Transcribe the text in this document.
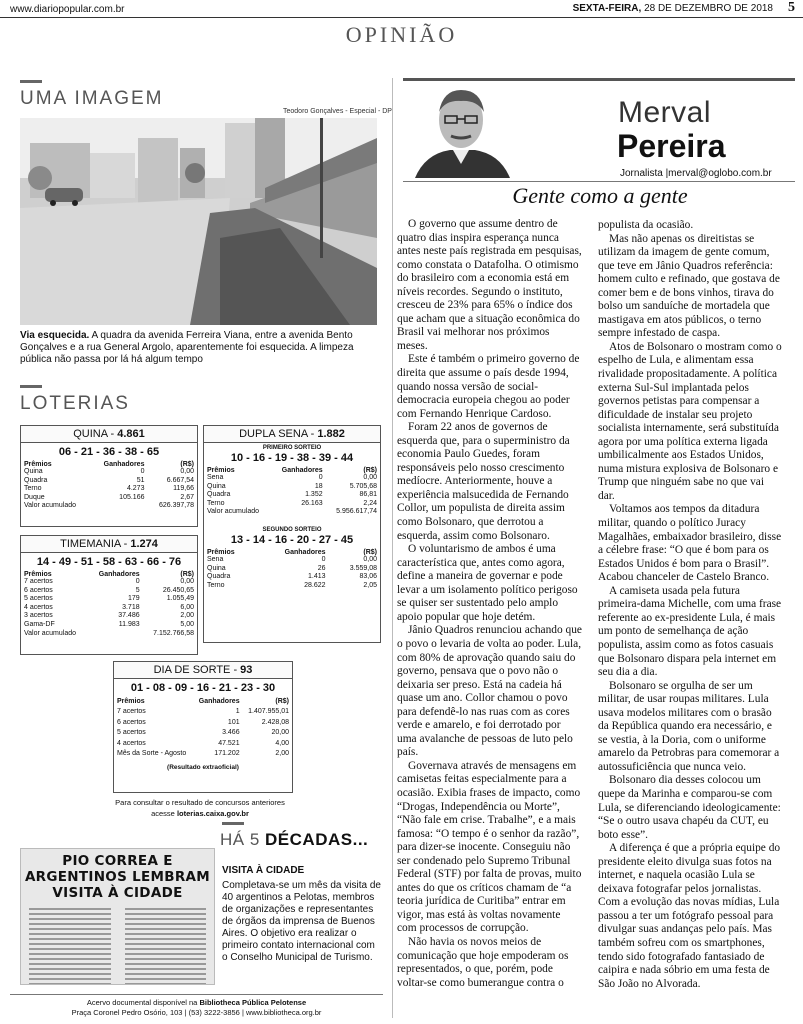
www.diariopopular.com.br	SEXTA-FEIRA, 28 DE DEZEMBRO DE 2018 5
OPINIÃO
UMA IMAGEM
Teodoro Gonçalves - Especial - DP
Via esquecida. A quadra da avenida Ferreira Viana, entre a avenida Bento Gonçalves e a rua General Argolo, aparentemente foi esquecida. A limpeza pública não passa por lá há algum tempo
LOTERIAS
QUINA - 4.861
06 - 21 - 36 - 38 - 65
Prêmios	Ganhadores	(R$)
Quina	0	0,00
Quadra	51	6.667,54
Terno	4.273	119,66
Duque	105.166	2,67
Valor acumulado		626.397,78
TIMEMANIA - 1.274
14 - 49 - 51 - 58 - 63 - 66 - 76
Prêmios	Ganhadores	(R$)
7 acertos	0	0,00
6 acertos	5	26.450,65
5 acertos	179	1.055,49
4 acertos	3.718	6,00
3 acertos	37.486	2,00
Gama-DF	11.983	5,00
Valor acumulado		7.152.766,58
DUPLA SENA - 1.882
PRIMEIRO SORTEIO
10 - 16 - 19 - 38 - 39 - 44
Prêmios	Ganhadores	(R$)
Sena	0	0,00
Quina	18	5.705,68
Quadra	1.352	86,81
Terno	26.163	2,24
Valor acumulado		5.956.617,74
SEGUNDO SORTEIO
13 - 14 - 16 - 20 - 27 - 45
Prêmios	Ganhadores	(R$)
Sena	0	0,00
Quina	26	3.559,08
Quadra	1.413	83,06
Terno	28.622	2,05
DIA DE SORTE - 93
01 - 08 - 09 - 16 - 21 - 23 - 30
Prêmios	Ganhadores	(R$)
7 acertos	1	1.407.955,01
6 acertos	101	2.428,08
5 acertos	3.466	20,00
4 acertos	47.521	4,00
Mês da Sorte - Agosto	171.202	2,00
(Resultado extraoficial)
Para consultar o resultado de concursos anteriores
acesse loterias.caixa.gov.br
HÁ 5 DÉCADAS...
PIO CORREA E ARGENTINOS LEMBRAM VISITA À CIDADE
VISITA À CIDADE
Completava-se um mês da visita de 40 argentinos a Pelotas, membros de organizações e representantes de órgãos da imprensa de Buenos Aires. O objetivo era realizar o primeiro contato internacional com o Conselho Municipal de Turismo.
Acervo documental disponível na Bibliotheca Pública Pelotense
Praça Coronel Pedro Osório, 103 | (53) 3222-3856 | www.bibliotheca.org.br
Merval
Pereira
Jornalista |merval@oglobo.com.br
Gente como a gente

O governo que assume dentro de quatro dias inspira esperança nunca antes neste país registrada em pesquisas, como constata o Datafolha. O otimismo do brasileiro com a economia está em níveis recordes. Segundo o instituto, cresceu de 23% para 65% o índice dos que acham que a situação econômica do Brasil vai melhorar nos próximos meses.

Este é também o primeiro governo de direita que assume o país desde 1994, quando nossa versão de social-democracia europeia chegou ao poder com Fernando Henrique Cardoso.

Foram 22 anos de governos de esquerda que, para o superministro da economia Paulo Guedes, foram responsáveis pelo nosso crescimento medíocre. Anteriormente, houve a experiência malsucedida de Fernando Collor, um populista de direita assim como Bolsonaro, que derrotou a esquerda, assim como Bolsonaro.

O voluntarismo de ambos é uma característica que, antes como agora, define a maneira de governar e pode levar a um isolamento político perigoso se quiser ser sustentado pelo amplo apoio popular que hoje detém.

Jânio Quadros renunciou achando que o povo o levaria de volta ao poder. Lula, com 80% de aprovação quando saiu do governo, pensava que o povo não o deixaria ser preso. Está na cadeia há quase um ano. Collor chamou o povo para defendê-lo nas ruas com as cores verde e amarelo, e foi derrotado por uma avalanche de pessoas de luto pelo país.

Governava através de mensagens em camisetas feitas especialmente para a ocasião. Exibia frases de impacto, como “Drogas, Independência ou Morte”, “Não fale em crise. Trabalhe”, e a mais famosa: “O tempo é o senhor da razão”, para dizer-se inocente. Conseguiu não ser condenado pelo Supremo Tribunal Federal (STF) por falta de provas, muito antes do que os críticos chamam de “a teoria jurídica de Curitiba” entrar em vigor, mas está às voltas novamente com processos de corrupção.

Não havia os novos meios de comunicação que hoje empoderam os representados, o que, porém, pode voltar-se como bumerangue contra o

populista da ocasião.

Mas não apenas os direitistas se utilizam da imagem de gente comum, que teve em Jânio Quadros referência: homem culto e refinado, que gostava de comer bem e de bons vinhos, tirava do bolso um sanduíche de mortadela que mastigava em atos públicos, o terno sempre infestado de caspa.

Atos de Bolsonaro o mostram como o espelho de Lula, e alimentam essa rivalidade propositadamente. A política externa Sul-Sul implantada pelos governos petistas para compensar a dificuldade de instalar seu projeto socialista internamente, será substituída agora por uma política externa ligada umbilicalmente aos Estados Unidos, numa mistura explosiva de Bolsonaro e Trump que ninguém sabe no que vai dar.

Voltamos aos tempos da ditadura militar, quando o político Juracy Magalhães, embaixador brasileiro, disse a célebre frase: “O que é bom para os Estados Unidos é bom para o Brasil”. Acabou chanceler de Castelo Branco.

A camiseta usada pela futura primeira-dama Michelle, com uma frase referente ao ex-presidente Lula, é mais um ponto de semelhança de ação populista, assim como as fotos casuais que Bolsonaro dispara pela internet em seu dia a dia.

Bolsonaro se orgulha de ser um militar, de usar roupas militares. Lula usava modelos militares com o brasão da República quando era necessário, e se vestia, à la Doria, com o uniforme amarelo da Petrobras para comemorar a autossuficiência que nunca veio.

Bolsonaro dia desses colocou um quepe da Marinha e comparou-se com Lula, se diferenciando ideologicamente: “Se o outro usava chapéu da CUT, eu boto esse”.

A diferença é que a própria equipe do presidente eleito divulga suas fotos na internet, e naquela ocasião Lula se deixava fotografar pelos jornalistas. Com a evolução das novas mídias, Lula passou a ter um fotógrafo pessoal para divulgar suas andanças pelo país. Mas também sofreu com os smartphones, tendo sido fotografado fantasiado de caipira e nada sóbrio em uma festa de São João no Alvorada.
